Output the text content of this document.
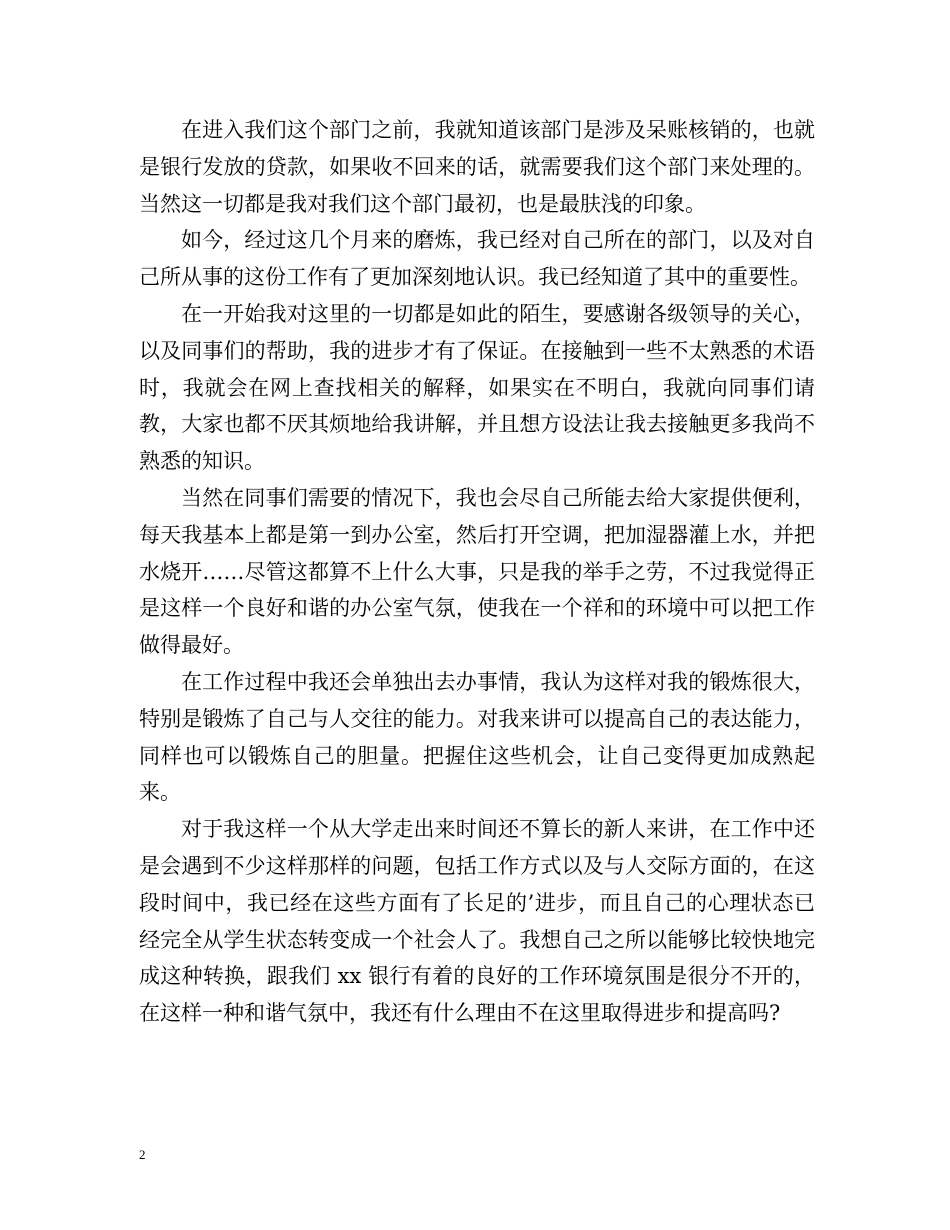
在进入我们这个部门之前，我就知道该部门是涉及呆账核销的，也就是银行发放的贷款，如果收不回来的话，就需要我们这个部门来处理的。当然这一切都是我对我们这个部门最初，也是最肤浅的印象。

如今，经过这几个月来的磨炼，我已经对自己所在的部门，以及对自己所从事的这份工作有了更加深刻地认识。我已经知道了其中的重要性。

在一开始我对这里的一切都是如此的陌生，要感谢各级领导的关心，以及同事们的帮助，我的进步才有了保证。在接触到一些不太熟悉的术语时，我就会在网上查找相关的解释，如果实在不明白，我就向同事们请教，大家也都不厌其烦地给我讲解，并且想方设法让我去接触更多我尚不熟悉的知识。

当然在同事们需要的情况下，我也会尽自己所能去给大家提供便利，每天我基本上都是第一到办公室，然后打开空调，把加湿器灌上水，并把水烧开……尽管这都算不上什么大事，只是我的举手之劳，不过我觉得正是这样一个良好和谐的办公室气氛，使我在一个祥和的环境中可以把工作做得最好。

在工作过程中我还会单独出去办事情，我认为这样对我的锻炼很大，特别是锻炼了自己与人交往的能力。对我来讲可以提高自己的表达能力，同样也可以锻炼自己的胆量。把握住这些机会，让自己变得更加成熟起来。

对于我这样一个从大学走出来时间还不算长的新人来讲，在工作中还是会遇到不少这样那样的问题，包括工作方式以及与人交际方面的，在这段时间中，我已经在这些方面有了长足的’进步，而且自己的心理状态已经完全从学生状态转变成一个社会人了。我想自己之所以能够比较快地完成这种转换，跟我们 xx 银行有着的良好的工作环境氛围是很分不开的，在这样一种和谐气氛中，我还有什么理由不在这里取得进步和提高吗?

2
